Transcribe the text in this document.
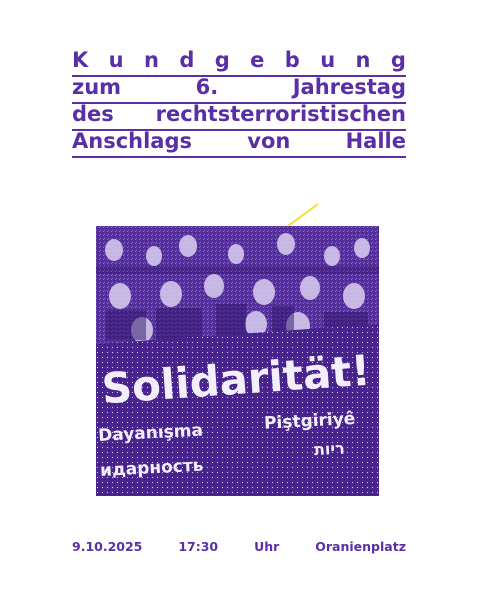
K u n d g e b u n g
zum	6.	Jahrestag
des rechtsterroristischen
Anschlags	von	Halle
Solidarität!
Dayanışma	Piştgiriyê
идарность
ריות
9.10.2025	17:30	Uhr	Oranienplatz
